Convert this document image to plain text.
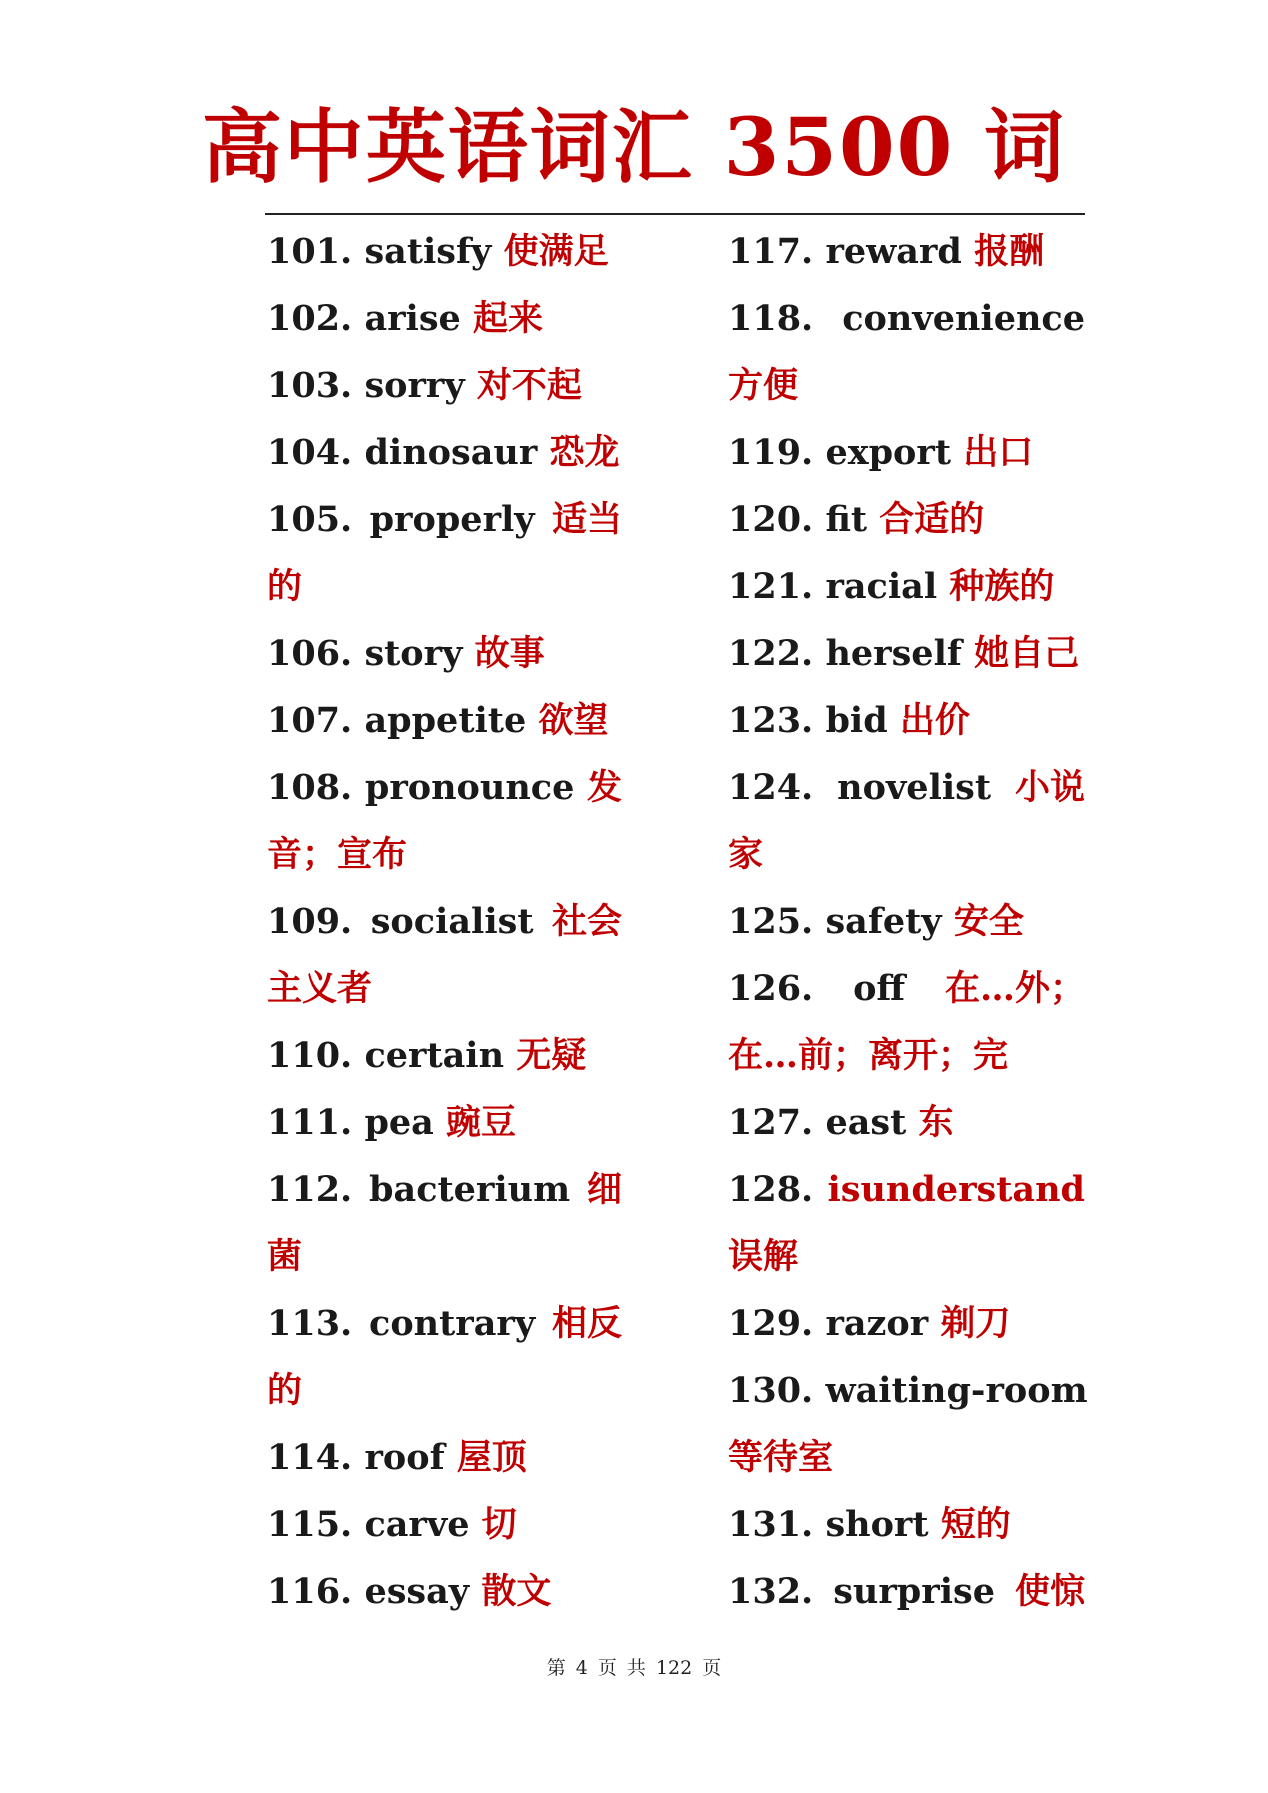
高中英语词汇 3500 词
101. satisfy 使满足
102. arise 起来
103. sorry 对不起
104. dinosaur 恐龙
105. properly 适当
的
106. story 故事
107. appetite 欲望
108. pronounce 发
音；宣布
109. socialist 社会
主义者
110. certain 无疑
111. pea 豌豆
112. bacterium 细
菌
113. contrary 相反
的
114. roof 屋顶
115. carve 切
116. essay 散文
117. reward 报酬
118. convenience
方便
119. export 出口
120. fit 合适的
121. racial 种族的
122. herself 她自己
123. bid 出价
124. novelist 小说
家
125. safety 安全
126. off 在…外；
在…前；离开；完
127. east 东
128. isunderstand
误解
129. razor 剃刀
130. waiting-room
等待室
131. short 短的
132. surprise 使惊
第 4 页 共 122 页
